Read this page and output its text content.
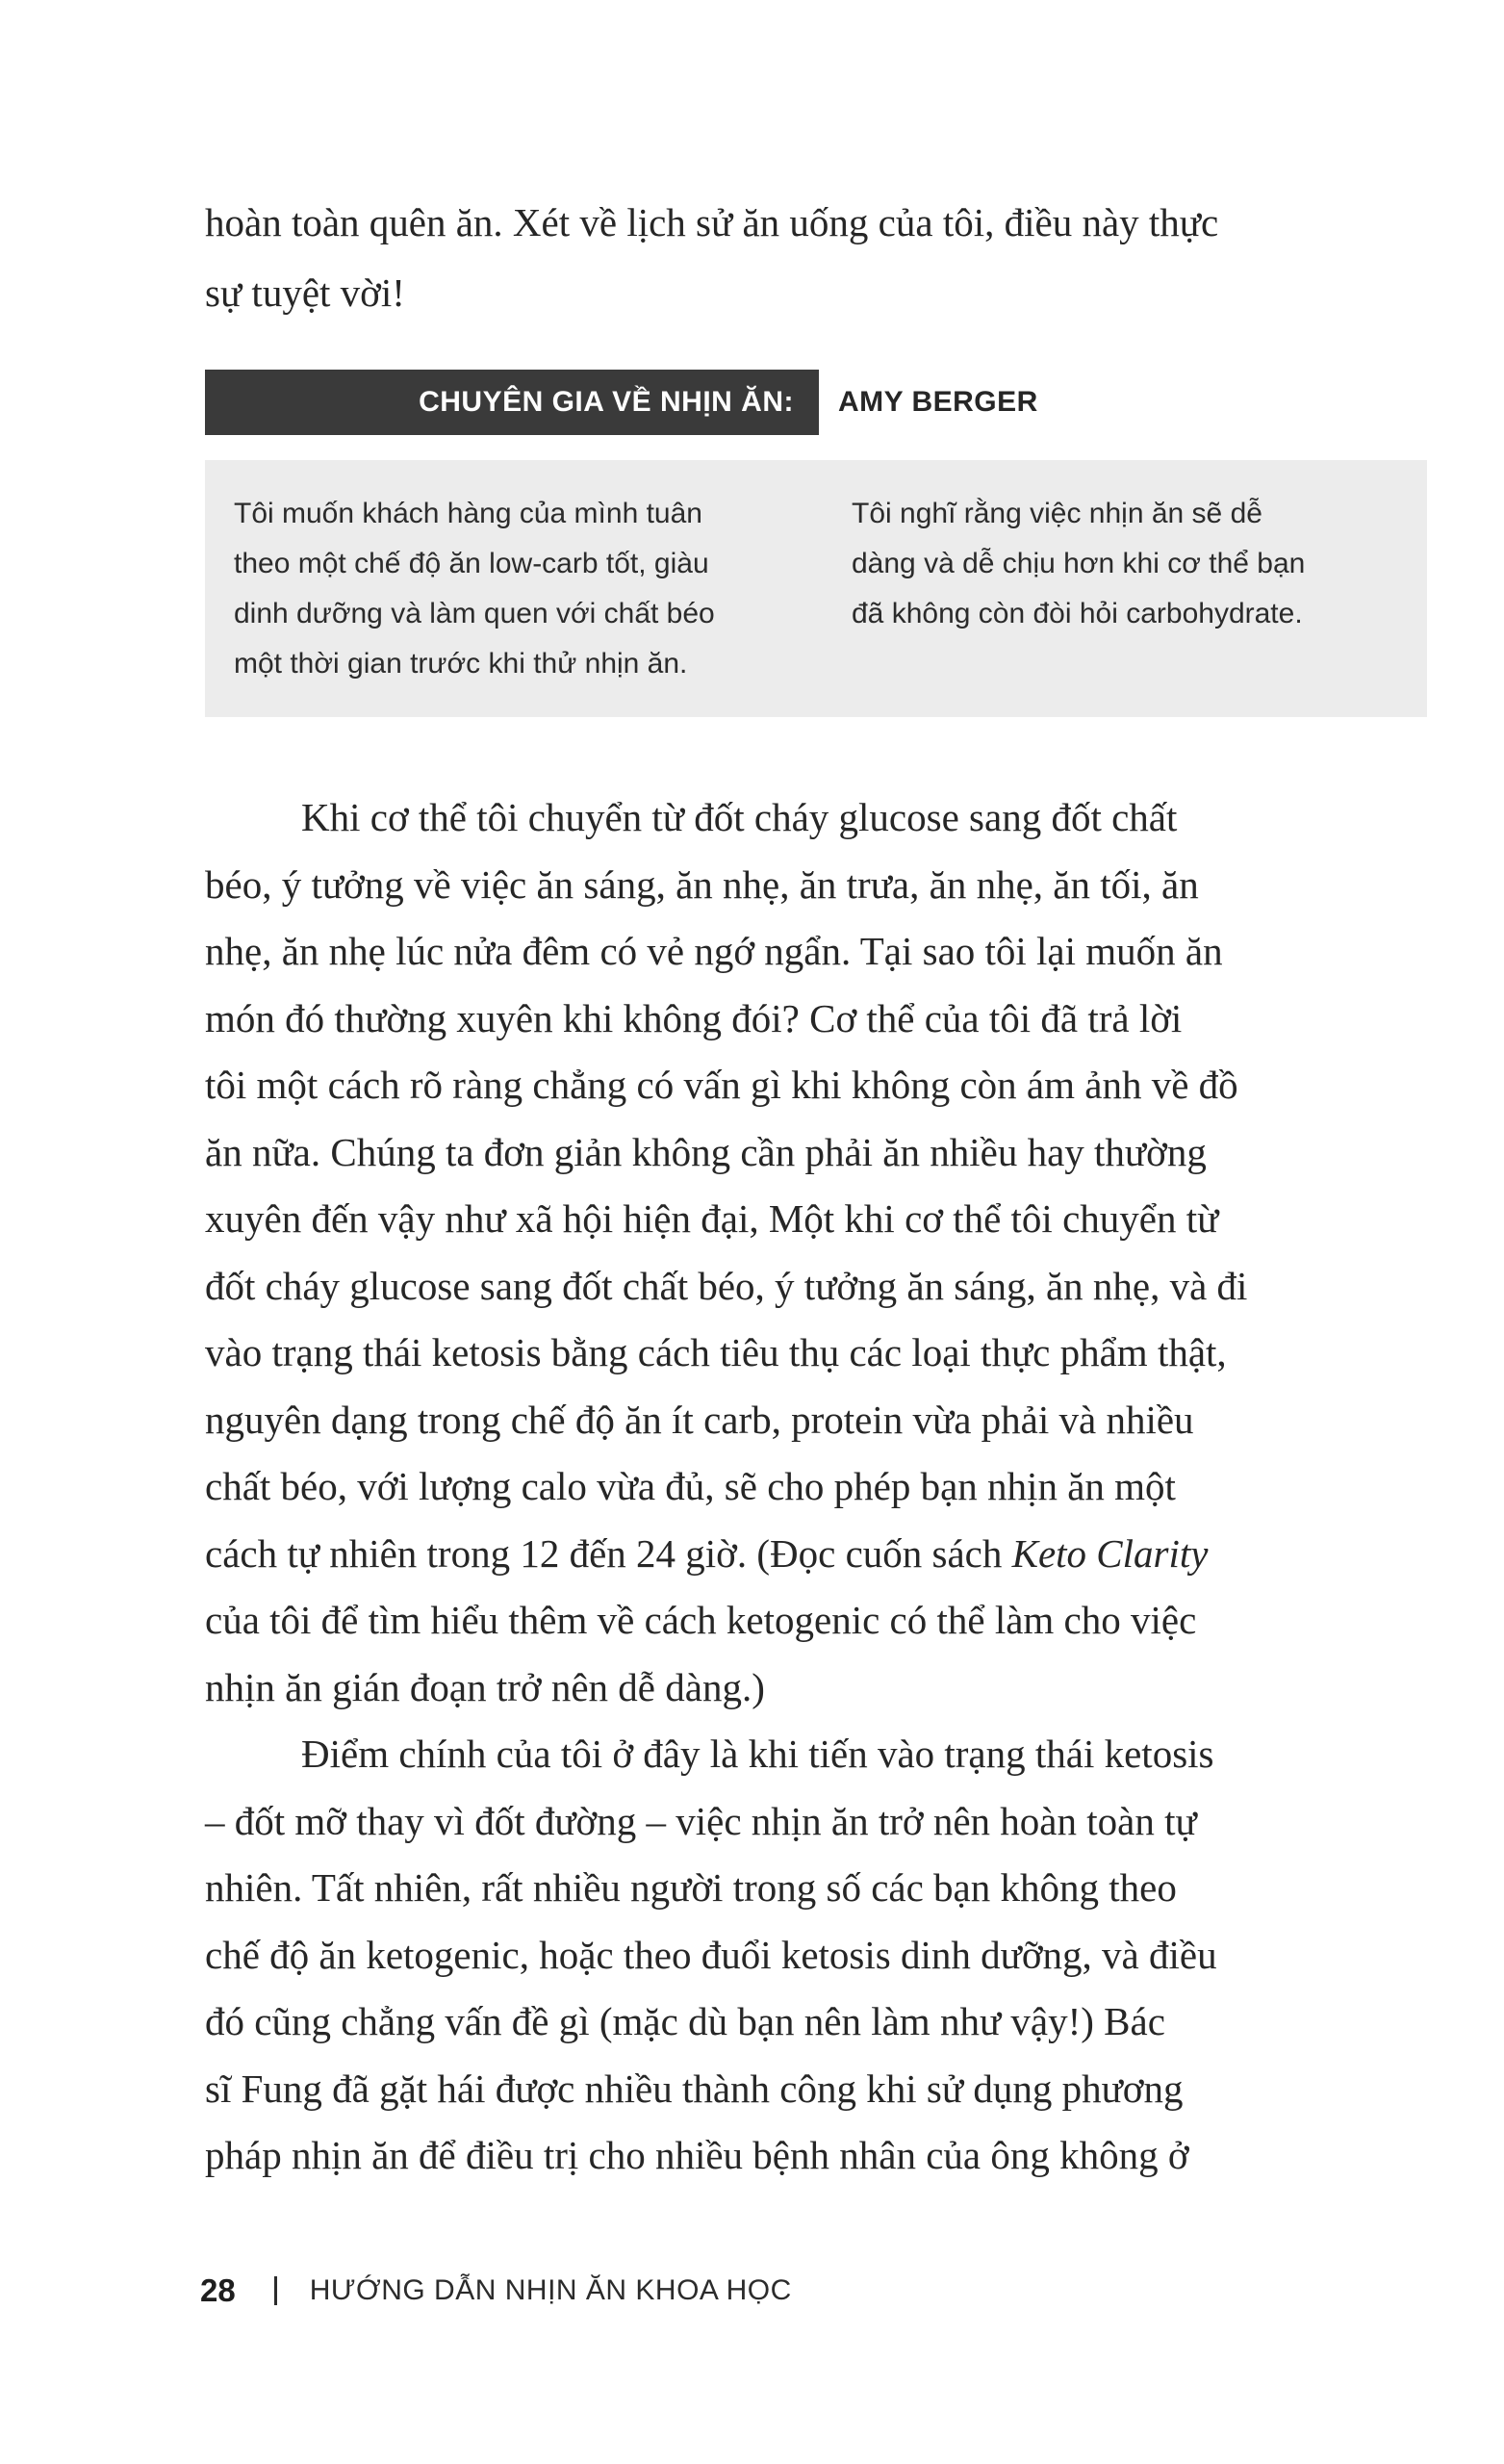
hoàn toàn quên ăn. Xét về lịch sử ăn uống của tôi, điều này thực
sự tuyệt vời!
CHUYÊN GIA VỀ NHỊN ĂN: AMY BERGER
Tôi muốn khách hàng của mình tuân
theo một chế độ ăn low-carb tốt, giàu
dinh dưỡng và làm quen với chất béo
một thời gian trước khi thử nhịn ăn.
Tôi nghĩ rằng việc nhịn ăn sẽ dễ
dàng và dễ chịu hơn khi cơ thể bạn
đã không còn đòi hỏi carbohydrate.
Khi cơ thể tôi chuyển từ đốt cháy glucose sang đốt chất
béo, ý tưởng về việc ăn sáng, ăn nhẹ, ăn trưa, ăn nhẹ, ăn tối, ăn
nhẹ, ăn nhẹ lúc nửa đêm có vẻ ngớ ngẩn. Tại sao tôi lại muốn ăn
món đó thường xuyên khi không đói? Cơ thể của tôi đã trả lời
tôi một cách rõ ràng chẳng có vấn gì khi không còn ám ảnh về đồ
ăn nữa. Chúng ta đơn giản không cần phải ăn nhiều hay thường
xuyên đến vậy như xã hội hiện đại, Một khi cơ thể tôi chuyển từ
đốt cháy glucose sang đốt chất béo, ý tưởng ăn sáng, ăn nhẹ, và đi
vào trạng thái ketosis bằng cách tiêu thụ các loại thực phẩm thật,
nguyên dạng trong chế độ ăn ít carb, protein vừa phải và nhiều
chất béo, với lượng calo vừa đủ, sẽ cho phép bạn nhịn ăn một
cách tự nhiên trong 12 đến 24 giờ. (Đọc cuốn sách Keto Clarity
của tôi để tìm hiểu thêm về cách ketogenic có thể làm cho việc
nhịn ăn gián đoạn trở nên dễ dàng.)
Điểm chính của tôi ở đây là khi tiến vào trạng thái ketosis
– đốt mỡ thay vì đốt đường – việc nhịn ăn trở nên hoàn toàn tự
nhiên. Tất nhiên, rất nhiều người trong số các bạn không theo
chế độ ăn ketogenic, hoặc theo đuổi ketosis dinh dưỡng, và điều
đó cũng chẳng vấn đề gì (mặc dù bạn nên làm như vậy!) Bác
sĩ Fung đã gặt hái được nhiều thành công khi sử dụng phương
pháp nhịn ăn để điều trị cho nhiều bệnh nhân của ông không ở
28	HƯỚNG DẪN NHỊN ĂN KHOA HỌC
